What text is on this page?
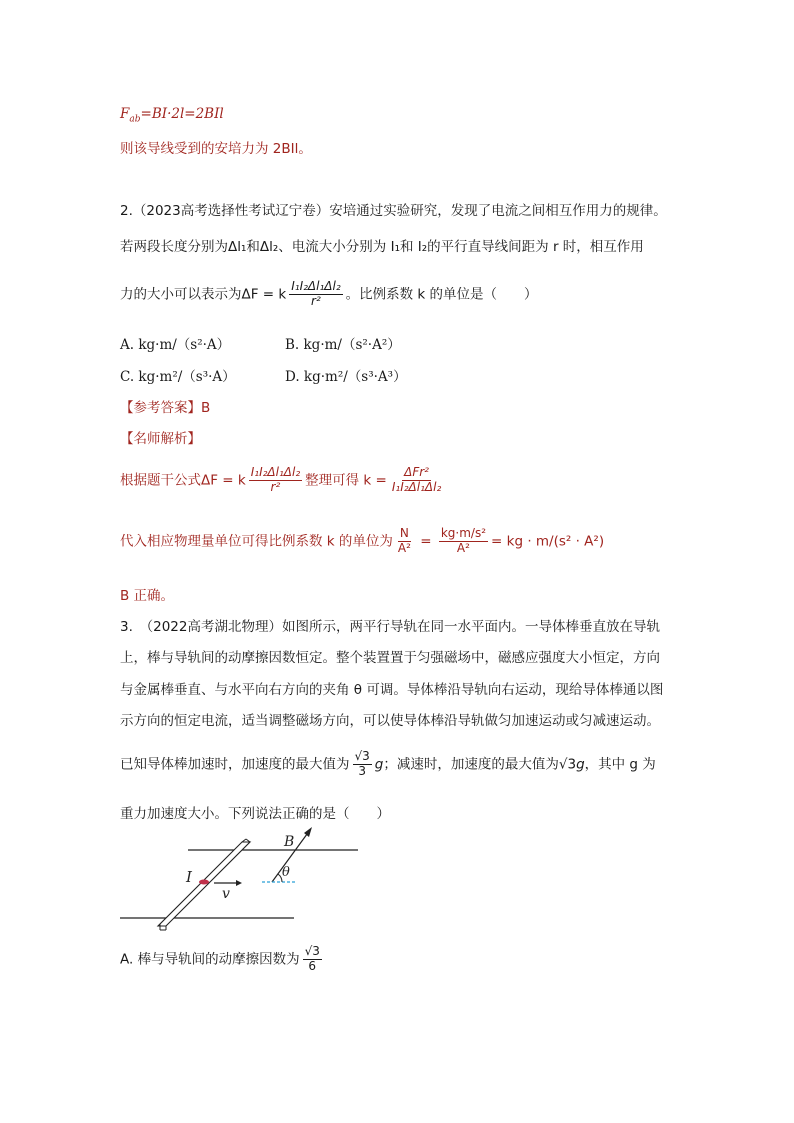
$F_{ab}=BI\cdot 2l=2BIl$
则该导线受到的安培力为 2BIl。
2.（2023高考选择性考试辽宁卷）安培通过实验研究，发现了电流之间相互作用力的规律。
若两段长度分别为Δl₁和Δl₂、电流大小分别为 I₁和 I₂的平行直导线间距为 r 时，相互作用
力的大小可以表示为ΔF = k $\frac{\text{I₁I₂Δl₁Δl₂}}{\text{r²}}$ 。比例系数 k 的单位是（　　）
A. kg·m/（s²·A）	B. kg·m/（s²·A²）
C. kg·m²/（s³·A）	D. kg·m²/（s³·A³）
【参考答案】B
【名师解析】
根据题干公式ΔF = k $\frac{\text{I₁I₂Δl₁Δl₂}}{\text{r²}}$ 整理可得 $k = \frac{\text{ΔFr²}}{\text{I₁I₂Δl₁Δl₂}}$
代入相应物理量单位可得比例系数 k 的单位为 $\frac{N}{\text{A²}} = \frac{\text{kg·m/s²}}{\text{A²}}$ = kg · m/(s² · A²)
B 正确。
3.　（2022高考湖北物理）如图所示，两平行导轨在同一水平面内。一导体棒垂直放在导轨
上，棒与导轨间的动摩擦因数恒定。整个装置置于匀强磁场中，磁感应强度大小恒定，方向
与金属棒垂直、与水平向右方向的夹角 θ 可调。导体棒沿导轨向右运动，现给导体棒通以图
示方向的恒定电流，适当调整磁场方向，可以使导体棒沿导轨做匀加速运动或匀减速运动。
已知导体棒加速时，加速度的最大值为 $\frac{√3}{3}$ g；减速时，加速度的最大值为√3g，其中 g 为
重力加速度大小。下列说法正确的是（　　）
I
v
B
θ
A. 棒与导轨间的动摩擦因数为 $\frac{√3}{6}$
